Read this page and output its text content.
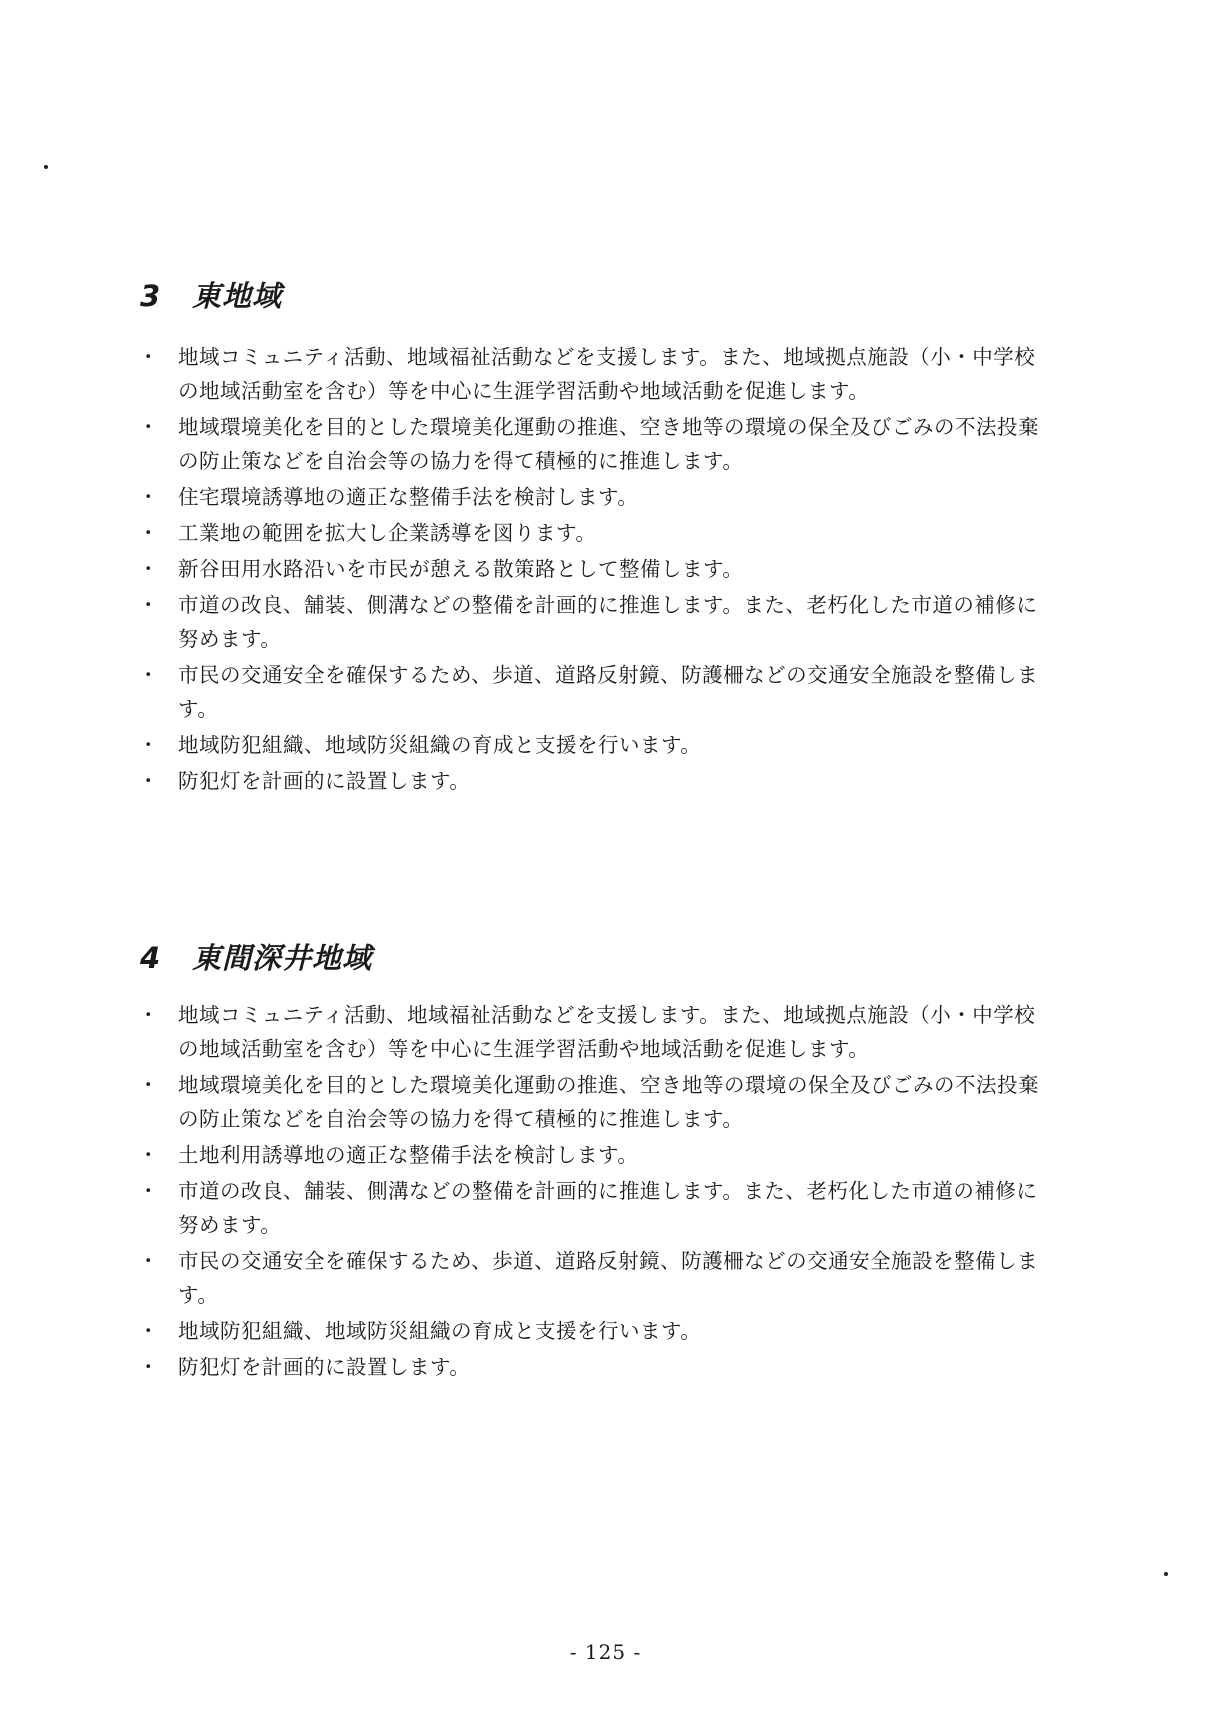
3 東地域
・ 地域コミュニティ活動、地域福祉活動などを支援します。また、地域拠点施設（小・中学校
の地域活動室を含む）等を中心に生涯学習活動や地域活動を促進します。
・ 地域環境美化を目的とした環境美化運動の推進、空き地等の環境の保全及びごみの不法投棄
の防止策などを自治会等の協力を得て積極的に推進します。
・ 住宅環境誘導地の適正な整備手法を検討します。
・ 工業地の範囲を拡大し企業誘導を図ります。
・ 新谷田用水路沿いを市民が憩える散策路として整備します。
・ 市道の改良、舗装、側溝などの整備を計画的に推進します。また、老朽化した市道の補修に
努めます。
・ 市民の交通安全を確保するため、歩道、道路反射鏡、防護柵などの交通安全施設を整備しま
す。
・ 地域防犯組織、地域防災組織の育成と支援を行います。
・ 防犯灯を計画的に設置します。
4 東間深井地域
・ 地域コミュニティ活動、地域福祉活動などを支援します。また、地域拠点施設（小・中学校
の地域活動室を含む）等を中心に生涯学習活動や地域活動を促進します。
・ 地域環境美化を目的とした環境美化運動の推進、空き地等の環境の保全及びごみの不法投棄
の防止策などを自治会等の協力を得て積極的に推進します。
・ 土地利用誘導地の適正な整備手法を検討します。
・ 市道の改良、舗装、側溝などの整備を計画的に推進します。また、老朽化した市道の補修に
努めます。
・ 市民の交通安全を確保するため、歩道、道路反射鏡、防護柵などの交通安全施設を整備しま
す。
・ 地域防犯組織、地域防災組織の育成と支援を行います。
・ 防犯灯を計画的に設置します。
- 125 -
